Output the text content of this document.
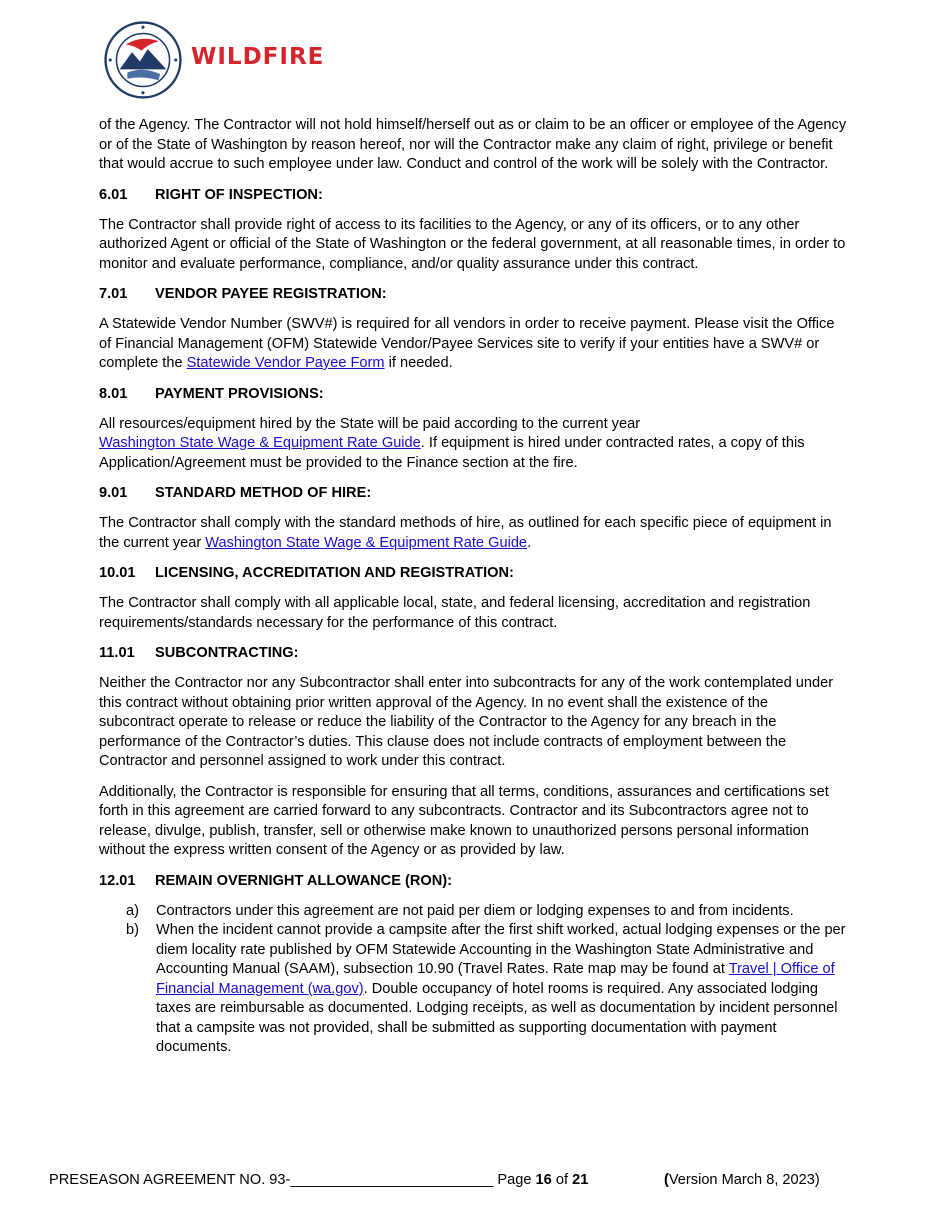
WILDFIRE

of the Agency. The Contractor will not hold himself/herself out as or claim to be an officer or employee of the Agency or of the State of Washington by reason hereof, nor will the Contractor make any claim of right, privilege or benefit that would accrue to such employee under law. Conduct and control of the work will be solely with the Contractor.

6.01 RIGHT OF INSPECTION:

The Contractor shall provide right of access to its facilities to the Agency, or any of its officers, or to any other authorized Agent or official of the State of Washington or the federal government, at all reasonable times, in order to monitor and evaluate performance, compliance, and/or quality assurance under this contract.

7.01 VENDOR PAYEE REGISTRATION:

A Statewide Vendor Number (SWV#) is required for all vendors in order to receive payment. Please visit the Office of Financial Management (OFM) Statewide Vendor/Payee Services site to verify if your entities have a SWV# or complete the Statewide Vendor Payee Form if needed.

8.01 PAYMENT PROVISIONS:

All resources/equipment hired by the State will be paid according to the current year
Washington State Wage & Equipment Rate Guide. If equipment is hired under contracted rates, a copy of this Application/Agreement must be provided to the Finance section at the fire.

9.01 STANDARD METHOD OF HIRE:

The Contractor shall comply with the standard methods of hire, as outlined for each specific piece of equipment in the current year Washington State Wage & Equipment Rate Guide.

10.01 LICENSING, ACCREDITATION AND REGISTRATION:

The Contractor shall comply with all applicable local, state, and federal licensing, accreditation and registration requirements/standards necessary for the performance of this contract.

11.01 SUBCONTRACTING:

Neither the Contractor nor any Subcontractor shall enter into subcontracts for any of the work contemplated under this contract without obtaining prior written approval of the Agency. In no event shall the existence of the subcontract operate to release or reduce the liability of the Contractor to the Agency for any breach in the performance of the Contractor’s duties. This clause does not include contracts of employment between the Contractor and personnel assigned to work under this contract.

Additionally, the Contractor is responsible for ensuring that all terms, conditions, assurances and certifications set forth in this agreement are carried forward to any subcontracts. Contractor and its Subcontractors agree not to release, divulge, publish, transfer, sell or otherwise make known to unauthorized persons personal information without the express written consent of the Agency or as provided by law.

12.01 REMAIN OVERNIGHT ALLOWANCE (RON):
a) Contractors under this agreement are not paid per diem or lodging expenses to and from incidents.
b) When the incident cannot provide a campsite after the first shift worked, actual lodging expenses or the per diem locality rate published by OFM Statewide Accounting in the Washington State Administrative and Accounting Manual (SAAM), subsection 10.90 (Travel Rates. Rate map may be found at Travel | Office of Financial Management (wa.gov). Double occupancy of hotel rooms is required. Any associated lodging taxes are reimbursable as documented. Lodging receipts, as well as documentation by incident personnel that a campsite was not provided, shall be submitted as supporting documentation with payment documents.
PRESEASON AGREEMENT NO. 93-_________________________ Page 16 of 21	(Version March 8, 2023)
